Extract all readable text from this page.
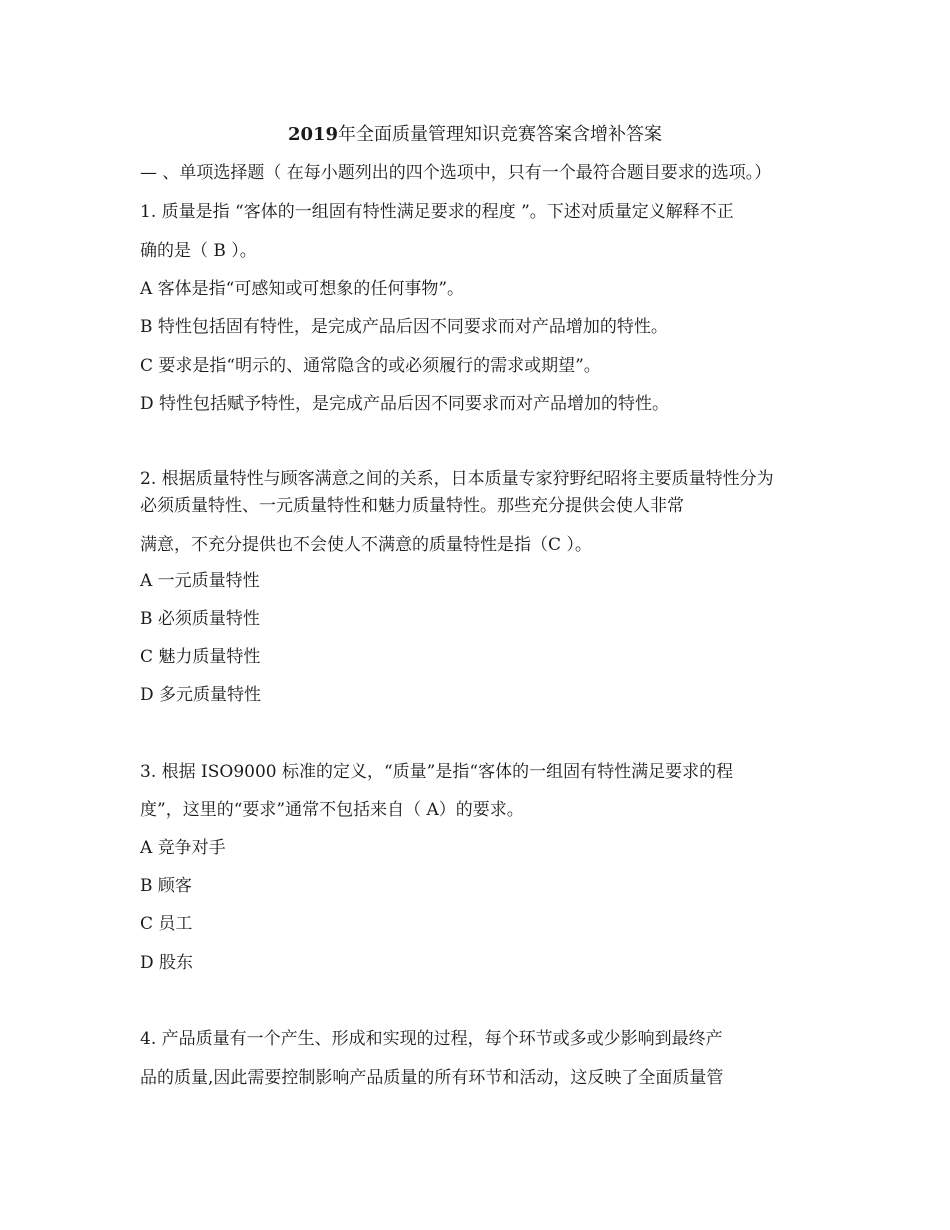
2019年全面质量管理知识竞赛答案含增补答案
— 、单项选择题（ 在每小题列出的四个选项中，只有一个最符合题目要求的选项。）
1. 质量是指 “客体的一组固有特性满足要求的程度 ”。下述对质量定义解释不正
确的是（ B ）。
A 客体是指“可感知或可想象的任何事物”。
B 特性包括固有特性，是完成产品后因不同要求而对产品增加的特性。
C 要求是指“明示的、通常隐含的或必须履行的需求或期望”。
D 特性包括赋予特性，是完成产品后因不同要求而对产品增加的特性。
2. 根据质量特性与顾客满意之间的关系，日本质量专家狩野纪昭将主要质量特性分为
必须质量特性、一元质量特性和魅力质量特性。那些充分提供会使人非常
满意，不充分提供也不会使人不满意的质量特性是指（C ）。
A 一元质量特性
B 必须质量特性
C 魅力质量特性
D 多元质量特性
3. 根据 ISO9000 标准的定义，“质量”是指“客体的一组固有特性满足要求的程
度”，这里的“要求”通常不包括来自（ A）的要求。
A 竞争对手
B 顾客
C 员工
D 股东
4. 产品质量有一个产生、形成和实现的过程，每个环节或多或少影响到最终产
品的质量,因此需要控制影响产品质量的所有环节和活动，这反映了全面质量管
